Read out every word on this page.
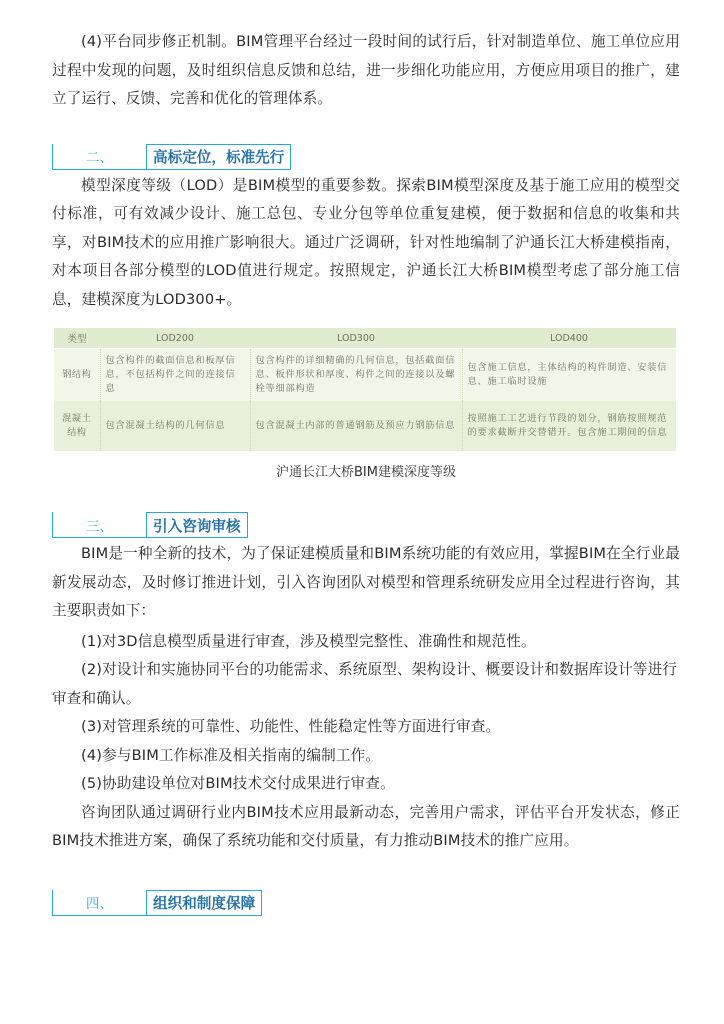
(4)平台同步修正机制。BIM管理平台经过一段时间的试行后，针对制造单位、施工单位应用过程中发现的问题，及时组织信息反馈和总结，进一步细化功能应用，方便应用项目的推广，建立了运行、反馈、完善和优化的管理体系。

二、	高标定位，标准先行

模型深度等级（LOD）是BIM模型的重要参数。探索BIM模型深度及基于施工应用的模型交付标准，可有效减少设计、施工总包、专业分包等单位重复建模，便于数据和信息的收集和共享，对BIM技术的应用推广影响很大。通过广泛调研，针对性地编制了沪通长江大桥建模指南，对本项目各部分模型的LOD值进行规定。按照规定，沪通长江大桥BIM模型考虑了部分施工信息，建模深度为LOD300+。

类型	LOD200	LOD300	LOD400
钢结构	包含构件的截面信息和板厚信息，不包括构件之间的连接信息	包含构件的详细精确的几何信息，包括截面信息、板件形状和厚度、构件之间的连接以及螺栓等细部构造	包含施工信息，主体结构的构件制造、安装信息、施工临时设施
混凝土结构	包含混凝土结构的几何信息	包含混凝土内部的普通钢筋及预应力钢筋信息	按照施工工艺进行节段的划分，钢筋按照规范的要求截断并交替错开。包含施工期间的信息

沪通长江大桥BIM建模深度等级

三、	引入咨询审核

BIM是一种全新的技术，为了保证建模质量和BIM系统功能的有效应用，掌握BIM在全行业最新发展动态，及时修订推进计划，引入咨询团队对模型和管理系统研发应用全过程进行咨询，其主要职责如下：

(1)对3D信息模型质量进行审查，涉及模型完整性、准确性和规范性。

(2)对设计和实施协同平台的功能需求、系统原型、架构设计、概要设计和数据库设计等进行审查和确认。

(3)对管理系统的可靠性、功能性、性能稳定性等方面进行审查。

(4)参与BIM工作标准及相关指南的编制工作。

(5)协助建设单位对BIM技术交付成果进行审查。

咨询团队通过调研行业内BIM技术应用最新动态，完善用户需求，评估平台开发状态，修正BIM技术推进方案，确保了系统功能和交付质量，有力推动BIM技术的推广应用。

四、	组织和制度保障
